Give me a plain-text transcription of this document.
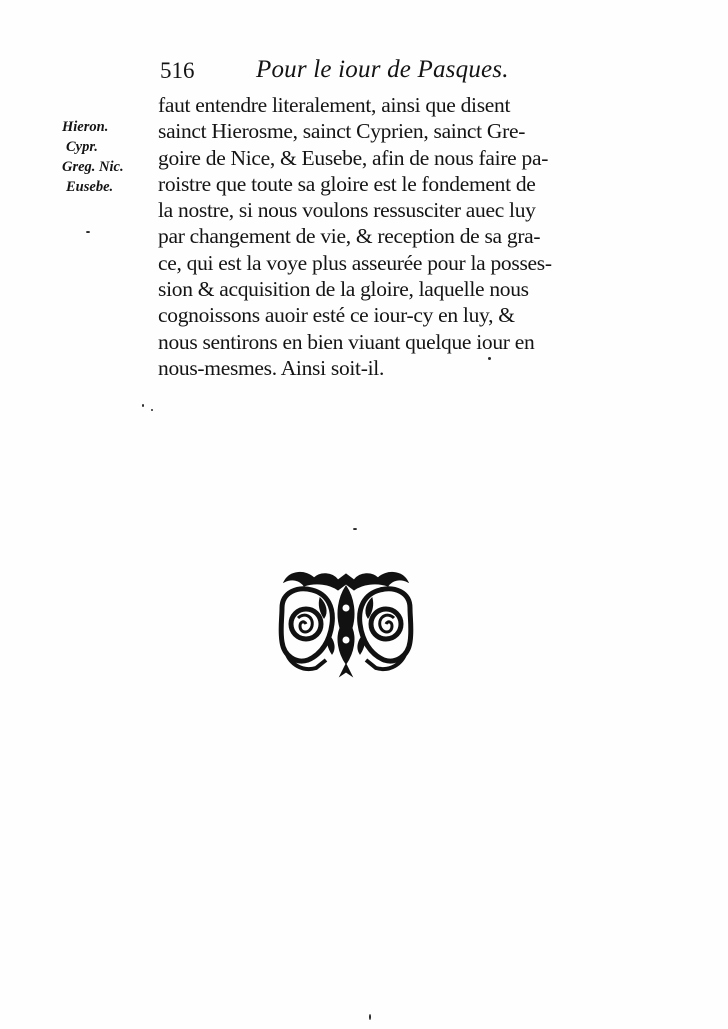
516 Pour le iour de Pasques.
Hieron.
Cypr.
Greg. Nic.
Eusebe.
faut entendre literalement, ainsi que disent
sainct Hierosme, sainct Cyprien, sainct Gre-
goire de Nice, & Eusebe, afin de nous faire pa-
roistre que toute sa gloire est le fondement de
la nostre, si nous voulons ressusciter auec luy
par changement de vie, & reception de sa gra-
ce, qui est la voye plus asseurée pour la posses-
sion & acquisition de la gloire, laquelle nous
cognoissons auoir esté ce iour-cy en luy, &
nous sentirons en bien viuant quelque iour en
nous-mesmes. Ainsi soit-il.
